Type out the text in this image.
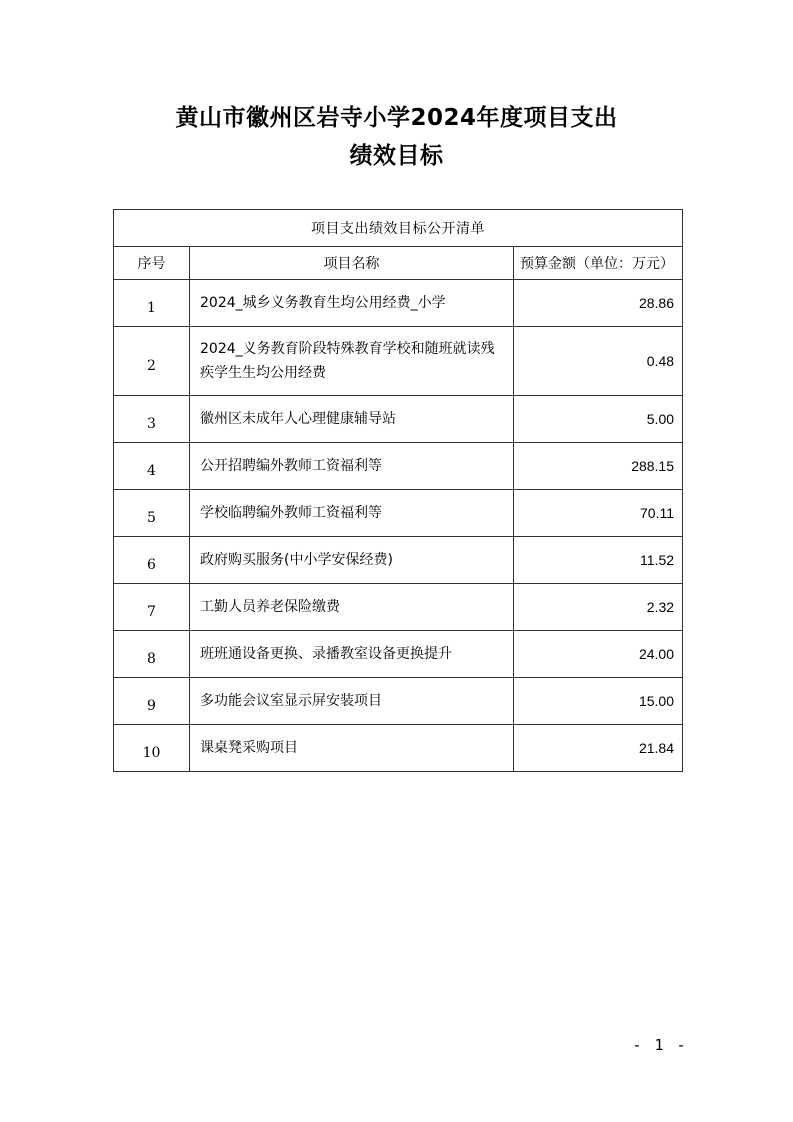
黄山市徽州区岩寺小学2024年度项目支出
绩效目标
项目支出绩效目标公开清单		
序号	项目名称	预算金额（单位：万元）
1	2024_城乡义务教育生均公用经费_小学	28.86
2	2024_义务教育阶段特殊教育学校和随班就读残疾学生生均公用经费	0.48
3	徽州区未成年人心理健康辅导站	5.00
4	公开招聘编外教师工资福利等	288.15
5	学校临聘编外教师工资福利等	70.11
6	政府购买服务(中小学安保经费)	11.52
7	工勤人员养老保险缴费	2.32
8	班班通设备更换、录播教室设备更换提升	24.00
9	多功能会议室显示屏安装项目	15.00
10	课桌凳采购项目	21.84
- 1 -
